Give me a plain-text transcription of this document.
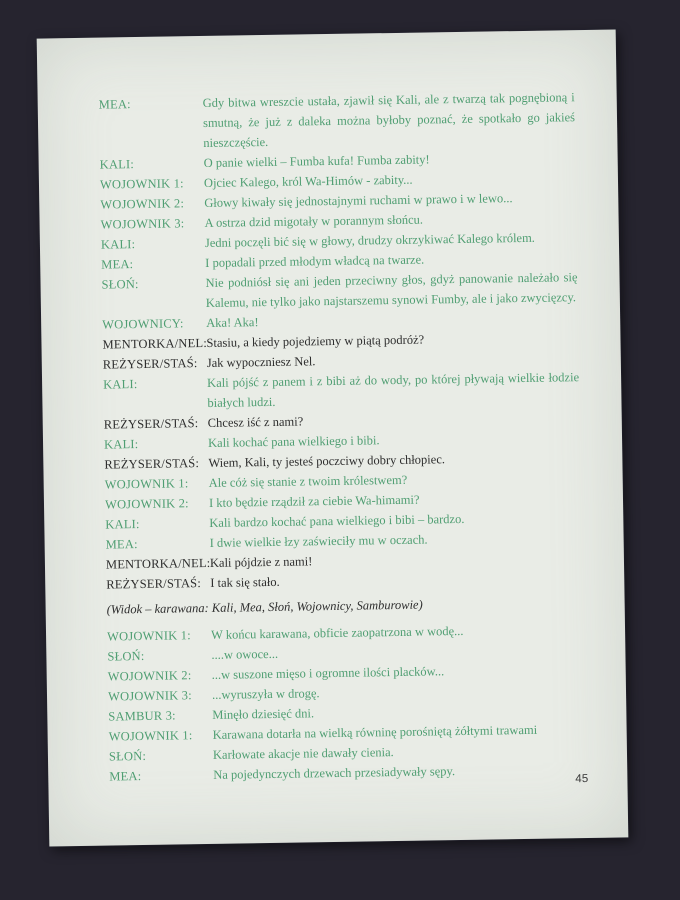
MEA:	Gdy bitwa wreszcie ustała, zjawił się Kali, ale z twarzą tak pognębioną i smutną, że już z daleka można byłoby poznać, że spotkało go jakieś nieszczęście.
KALI:	O panie wielki – Fumba kufa! Fumba zabity!
WOJOWNIK 1:	Ojciec Kalego, król Wa-Himów - zabity...
WOJOWNIK 2:	Głowy kiwały się jednostajnymi ruchami w prawo i w lewo...
WOJOWNIK 3:	A ostrza dzid migotały w porannym słońcu.
KALI:	Jedni poczęli bić się w głowy, drudzy okrzykiwać Kalego królem.
MEA:	I popadali przed młodym władcą na twarze.
SŁOŃ:	Nie podniósł się ani jeden przeciwny głos, gdyż panowanie należało się Kalemu, nie tylko jako najstarszemu synowi Fumby, ale i jako zwycięzcy.
WOJOWNICY:	Aka! Aka!
MENTORKA/NEL: Stasiu, a kiedy pojedziemy w piątą podróż?
REŻYSER/STAŚ: Jak wypoczniesz Nel.
KALI:	Kali pójść z panem i z bibi aż do wody, po której pływają wielkie łodzie białych ludzi.
REŻYSER/STAŚ: Chcesz iść z nami?
KALI:	Kali kochać pana wielkiego i bibi.
REŻYSER/STAŚ: Wiem, Kali, ty jesteś poczciwy dobry chłopiec.
WOJOWNIK 1:	Ale cóż się stanie z twoim królestwem?
WOJOWNIK 2:	I kto będzie rządził za ciebie Wa-himami?
KALI:	Kali bardzo kochać pana wielkiego i bibi – bardzo.
MEA:	I dwie wielkie łzy zaświeciły mu w oczach.
MENTORKA/NEL: Kali pójdzie z nami!
REŻYSER/STAŚ: I tak się stało.
(Widok – karawana: Kali, Mea, Słoń, Wojownicy, Samburowie)
WOJOWNIK 1:	W końcu karawana, obficie zaopatrzona w wodę...
SŁOŃ:	....w owoce...
WOJOWNIK 2:	...w suszone mięso i ogromne ilości placków...
WOJOWNIK 3:	...wyruszyła w drogę.
SAMBUR 3:	Minęło dziesięć dni.
WOJOWNIK 1:	Karawana dotarła na wielką równinę porośniętą żółtymi trawami
SŁOŃ:	Karłowate akacje nie dawały cienia.
MEA:	Na pojedynczych drzewach przesiadywały sępy.	45
